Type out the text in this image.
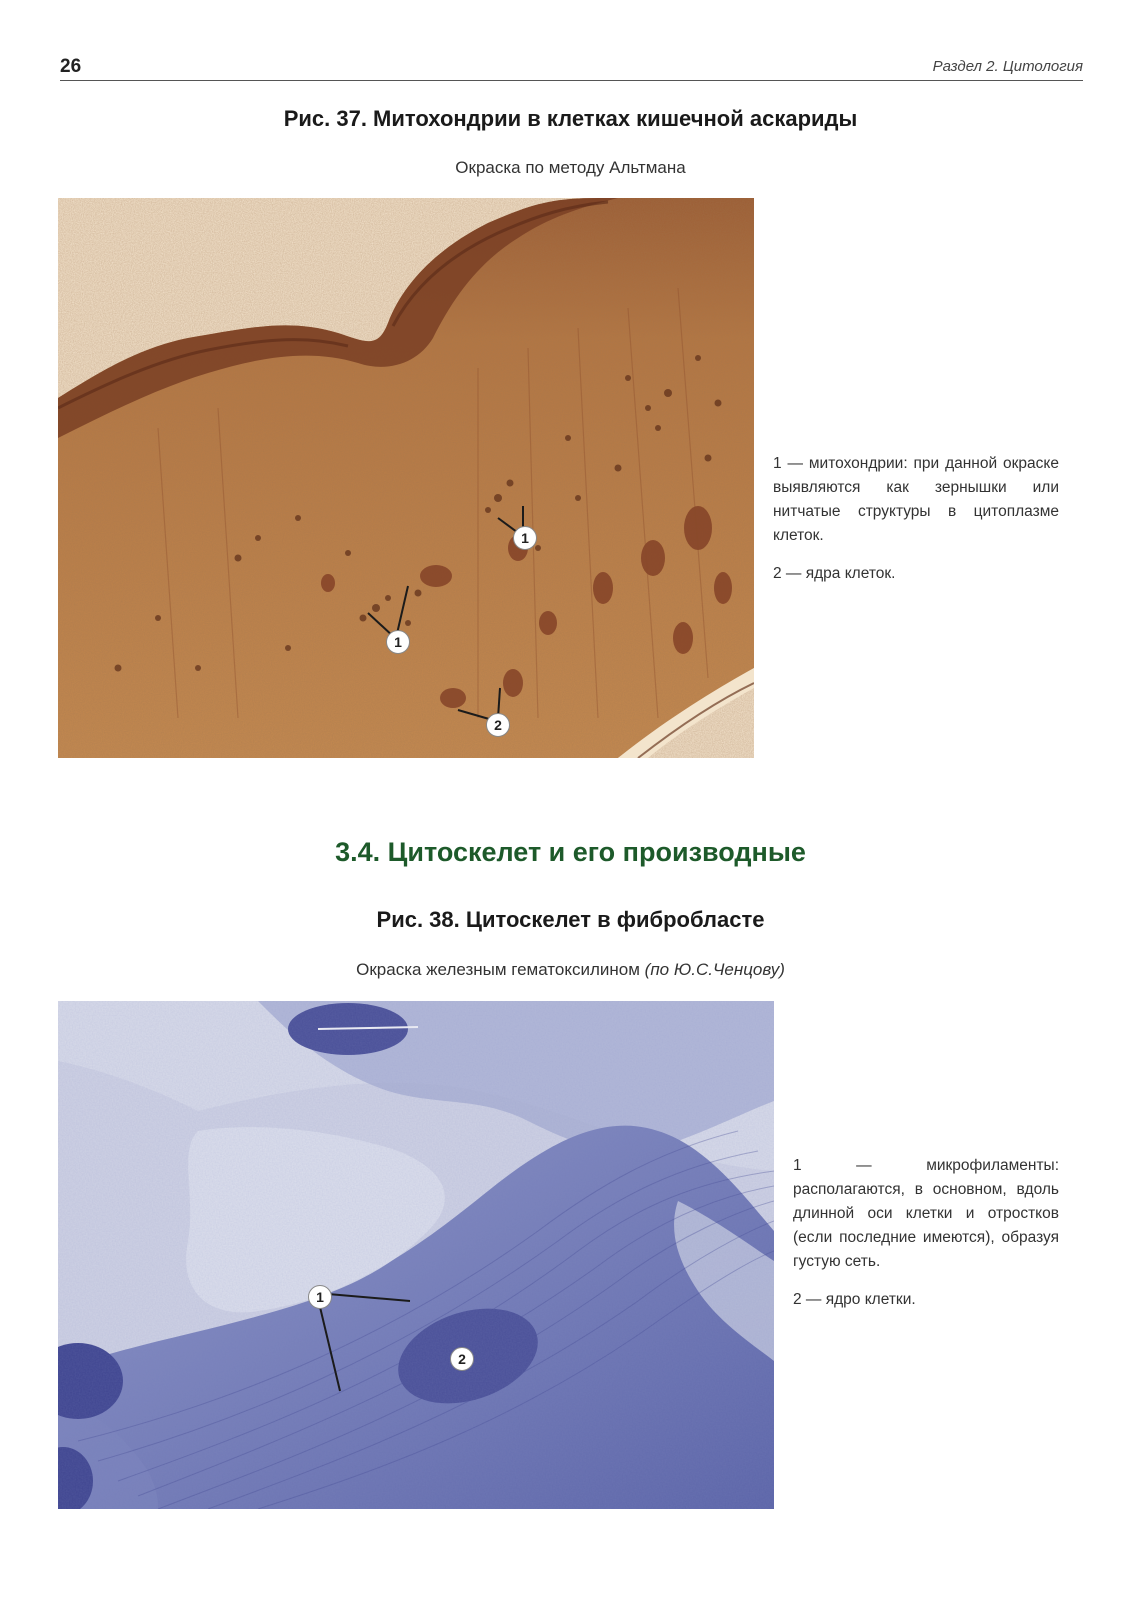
26	Раздел 2. Цитология
Рис. 37. Митохондрии в клетках кишечной аскариды
Окраска по методу Альтмана
1
1
2

1 — митохондрии: при данной окраске выявляются как зернышки или нитчатые структуры в цитоплазме клеток.

2 — ядра клеток.

3.4. Цитоскелет и его производные
Рис. 38. Цитоскелет в фибробласте
Окраска железным гематоксилином (по Ю.С.Ченцову)
1
2

1 — микрофиламенты: располагаются, в основном, вдоль длинной оси клетки и отростков (если последние имеются), образуя густую сеть.

2 — ядро клетки.
